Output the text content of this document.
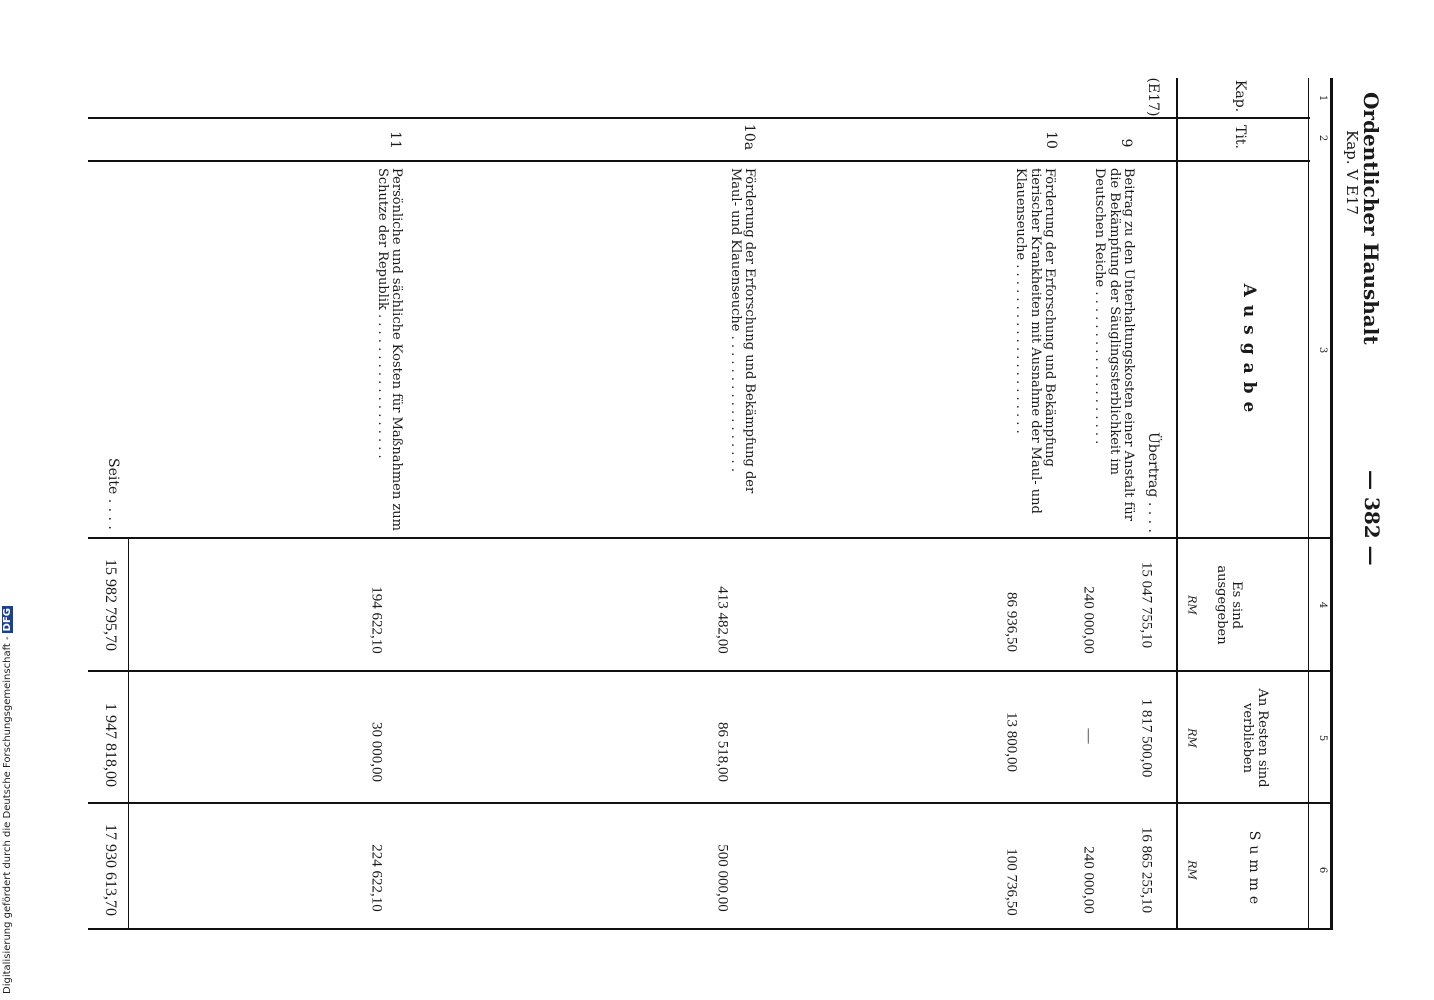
Ordentlicher Haushalt
Kap. V E17
— 382 —
1
2
3
4
5
6
Kap.
Tit.
Ausgabe
Es sind ausgegeben
An Resten sind verblieben
Summe
RM
RM
RM
(E17)
Übertrag . . . .
15 047 755,10
1 817 500,00
16 865 255,10
9
Beitrag zu den Unterhaltungskosten einer Anstalt für die Bekämpfung der Säuglingssterblichkeit im Deutschen Reiche . . . . . . . . . . . . . . . . . . .
240 000,00
—
240 000,00
10
Förderung der Erforschung und Bekämpfung tierischer Krankheiten mit Ausnahme der Maul- und Klauenseuche . . . . . . . . . . . . . . . . . . . . .
86 936,50
13 800,00
100 736,50
10a
Förderung der Erforschung und Bekämpfung der Maul- und Klauenseuche . . . . . . . . . . . . . . . . .
413 482,00
86 518,00
500 000,00
11
Persönliche und sächliche Kosten für Maßnahmen zum Schutze der Republik . . . . . . . . . . . . . . . . . .
194 622,10
30 000,00
224 622,10
Seite . . . .
15 982 795,70
1 947 818,00
17 930 613,70
Digitalisierung gefördert durch die Deutsche Forschungsgemeinschaft -DFG
